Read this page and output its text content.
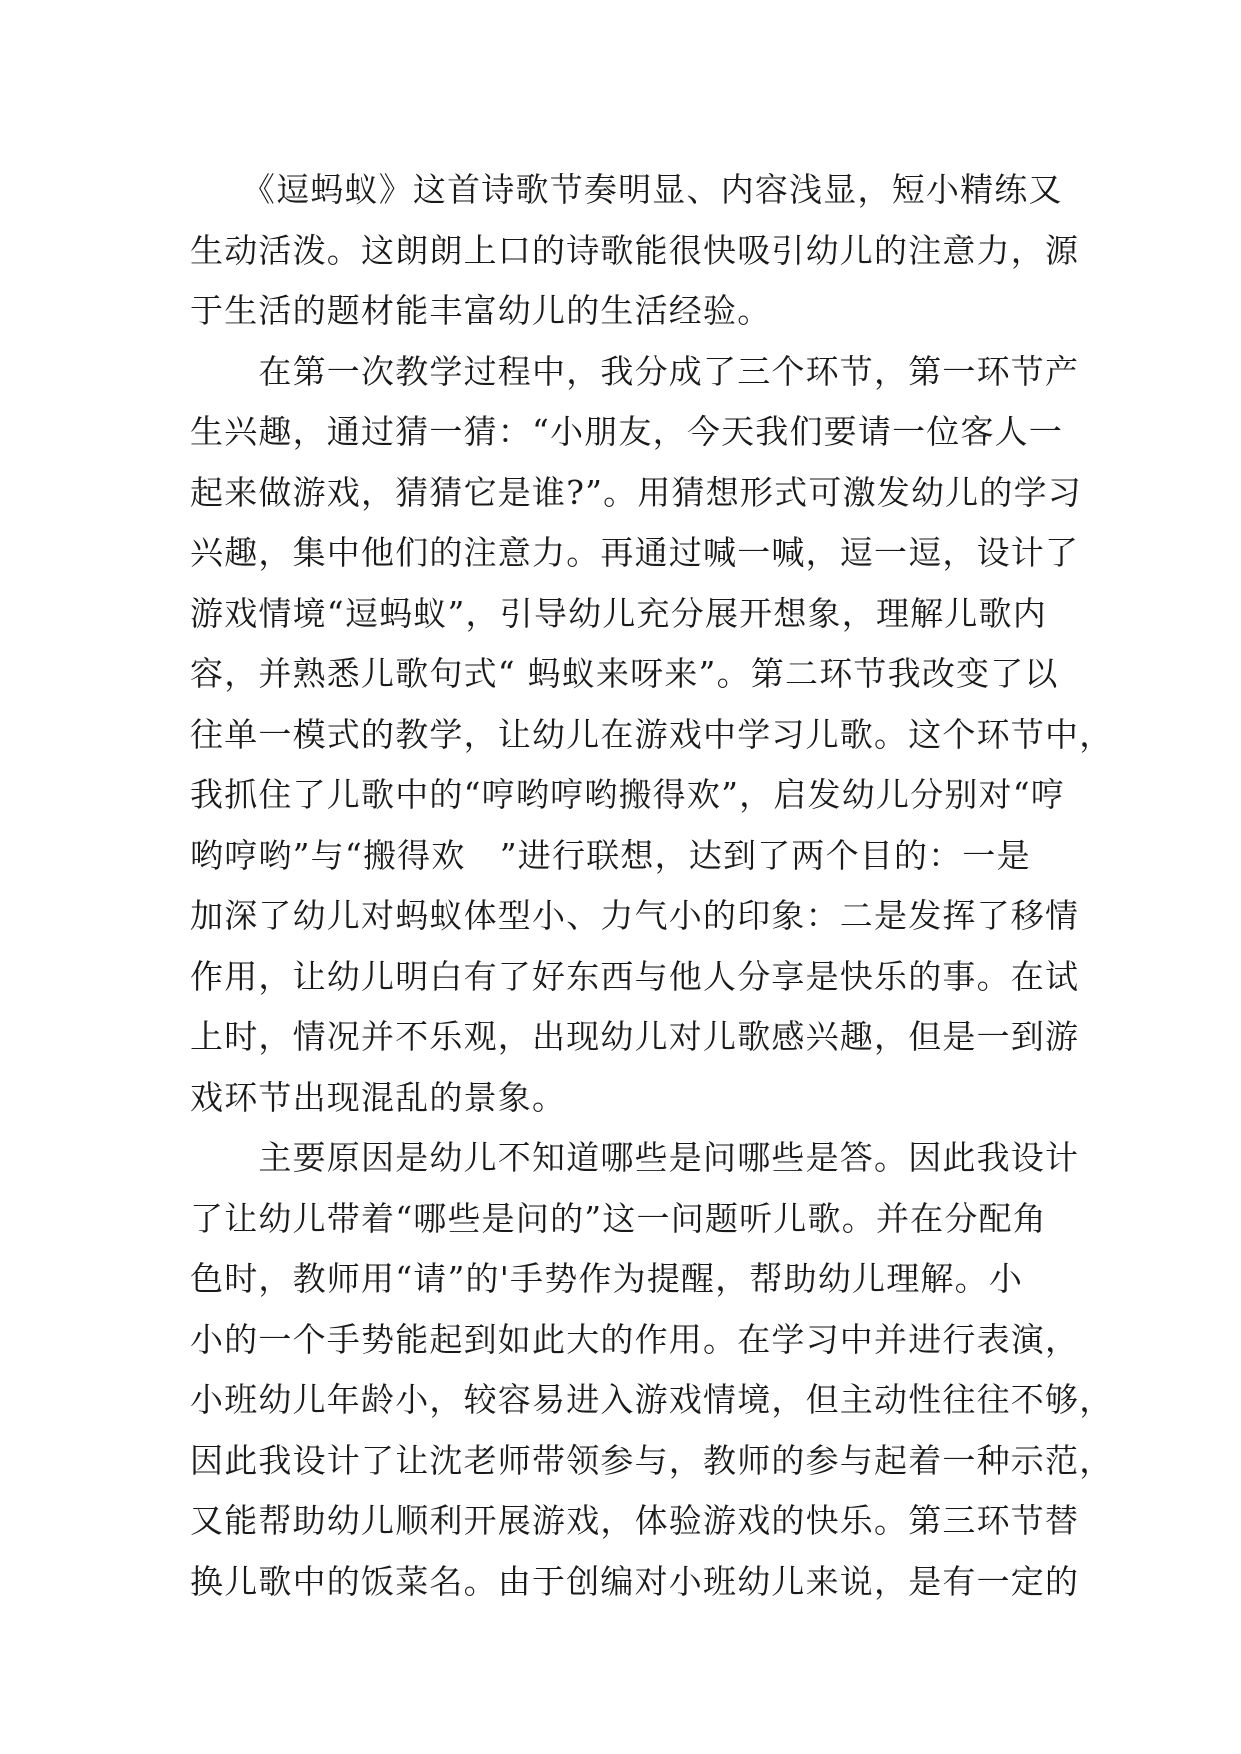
　　《逗蚂蚁》这首诗歌节奏明显、内容浅显，短小精练又
生动活泼。这朗朗上口的诗歌能很快吸引幼儿的注意力，源
于生活的题材能丰富幼儿的生活经验。
　　在第一次教学过程中，我分成了三个环节，第一环节产
生兴趣，通过猜一猜：“小朋友，今天我们要请一位客人一
起来做游戏，猜猜它是谁?”。用猜想形式可激发幼儿的学习
兴趣，集中他们的注意力。再通过喊一喊，逗一逗，设计了
游戏情境“逗蚂蚁”，引导幼儿充分展开想象，理解儿歌内
容，并熟悉儿歌句式“ 蚂蚁来呀来”。第二环节我改变了以
往单一模式的教学，让幼儿在游戏中学习儿歌。这个环节中，
我抓住了儿歌中的“哼哟哼哟搬得欢”，启发幼儿分别对“哼
哟哼哟”与“搬得欢　”进行联想，达到了两个目的：一是
加深了幼儿对蚂蚁体型小、力气小的印象：二是发挥了移情
作用，让幼儿明白有了好东西与他人分享是快乐的事。在试
上时，情况并不乐观，出现幼儿对儿歌感兴趣，但是一到游
戏环节出现混乱的景象。
　　主要原因是幼儿不知道哪些是问哪些是答。因此我设计
了让幼儿带着“哪些是问的”这一问题听儿歌。并在分配角
色时，教师用“请”的'手势作为提醒，帮助幼儿理解。小
小的一个手势能起到如此大的作用。在学习中并进行表演，
小班幼儿年龄小，较容易进入游戏情境，但主动性往往不够，
因此我设计了让沈老师带领参与，教师的参与起着一种示范，
又能帮助幼儿顺利开展游戏，体验游戏的快乐。第三环节替
换儿歌中的饭菜名。由于创编对小班幼儿来说，是有一定的
